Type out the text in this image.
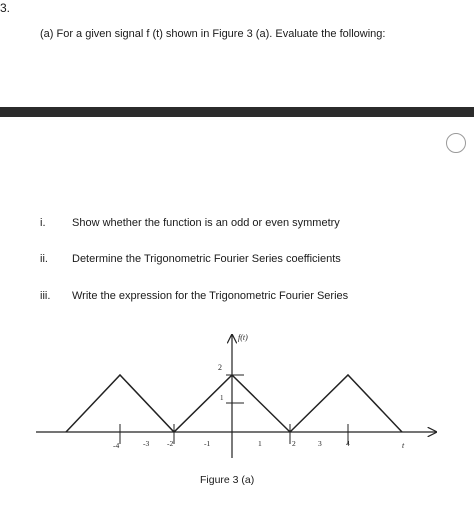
3.
(a) For a given signal f (t) shown in Figure 3 (a). Evaluate the following:
i. Show whether the function is an odd or even symmetry
ii. Determine the Trigonometric Fourier Series coefficients
iii. Write the expression for the Trigonometric Fourier Series
f(t)
t
2
1
-4	-3 -2	-1	1	2	3	4
Figure 3 (a)
